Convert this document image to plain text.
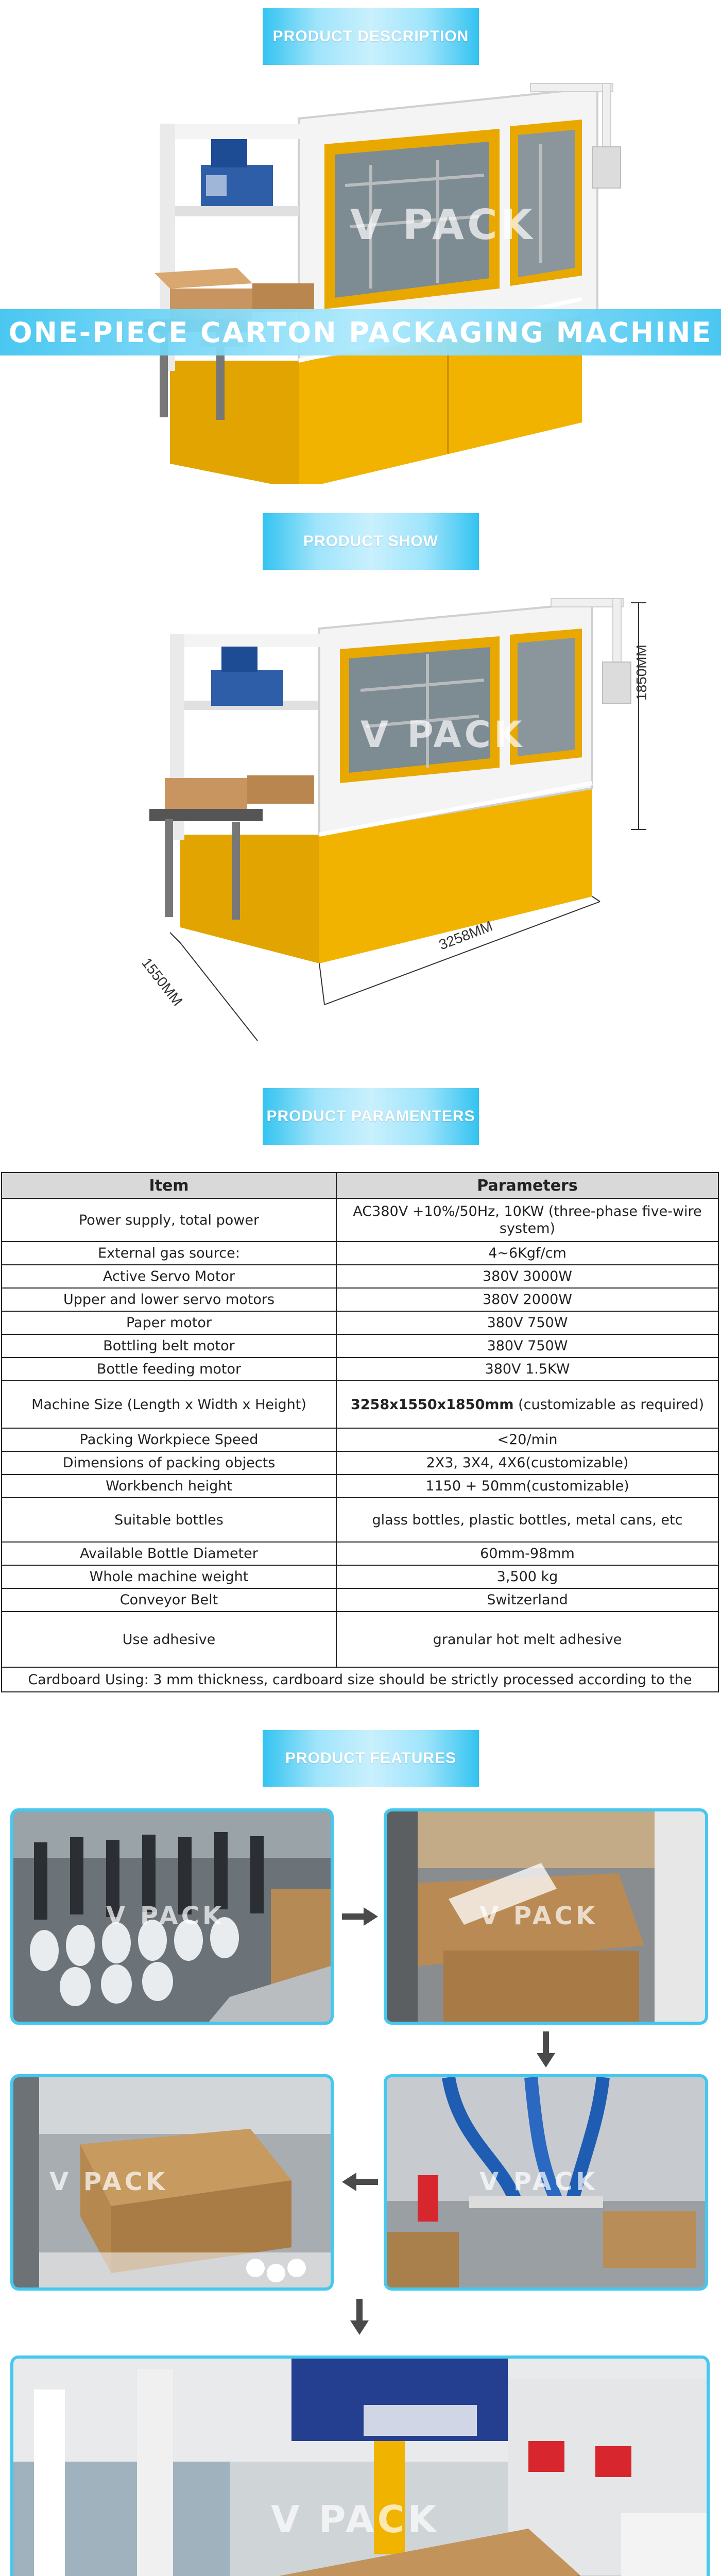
PRODUCT DESCRIPTION
V PACK
ONE-PIECE CARTON PACKAGING MACHINE
PRODUCT SHOW
V PACK
1850MM
3258MM
1550MM
PRODUCT PARAMENTERS
Item	Parameters
Power supply, total power	AC380V +10%/50Hz, 10KW (three-phase five-wire system)
External gas source:	4~6Kgf/cm
Active Servo Motor	380V 3000W
Upper and lower servo motors	380V 2000W
Paper motor	380V 750W
Bottling belt motor	380V 750W
Bottle feeding motor	380V 1.5KW
Machine Size (Length x Width x Height)	3258x1550x1850mm (customizable as required)
Packing Workpiece Speed	<20/min
Dimensions of packing objects	2X3, 3X4, 4X6(customizable)
Workbench height	1150 + 50mm(customizable)
Suitable bottles	glass bottles, plastic bottles, metal cans, etc
Available Bottle Diameter	60mm-98mm
Whole machine weight	3,500 kg
Conveyor Belt	Switzerland
Use adhesive	granular hot melt adhesive
Cardboard Using: 3 mm thickness, cardboard size should be strictly processed according to the	
PRODUCT FEATURES
V PACK	V PACK
V PACK
V PACK
V PACK
